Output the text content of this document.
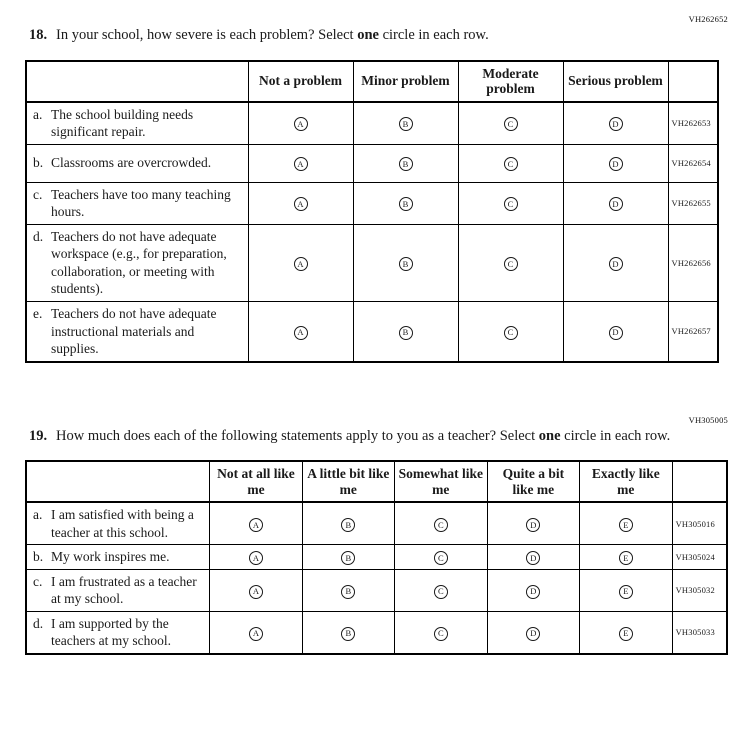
VH262652
18. In your school, how severe is each problem? Select one circle in each row.
	Not a problem	Minor problem	Moderate problem	Serious problem	

a. The school building needs significant repair.	A	B	C	D	VH262653

b. Classrooms are overcrowded.	A	B	C	D	VH262654

c. Teachers have too many teaching hours.	A	B	C	D	VH262655

d. Teachers do not have adequate workspace (e.g., for preparation, collaboration, or meeting with students).	A	B	C	D	VH262656

e. Teachers do not have adequate instructional materials and supplies.	A	B	C	D	VH262657
VH305005
19. How much does each of the following statements apply to you as a teacher? Select one circle in each row.
	Not at all like me	A little bit like me	Somewhat like me	Quite a bit like me	Exactly like me	

a. I am satisfied with being a teacher at this school.	A	B	C	D	E	VH305016

b. My work inspires me.	A	B	C	D	E	VH305024

c. I am frustrated as a teacher at my school.	A	B	C	D	E	VH305032

d. I am supported by the teachers at my school.	A	B	C	D	E	VH305033
